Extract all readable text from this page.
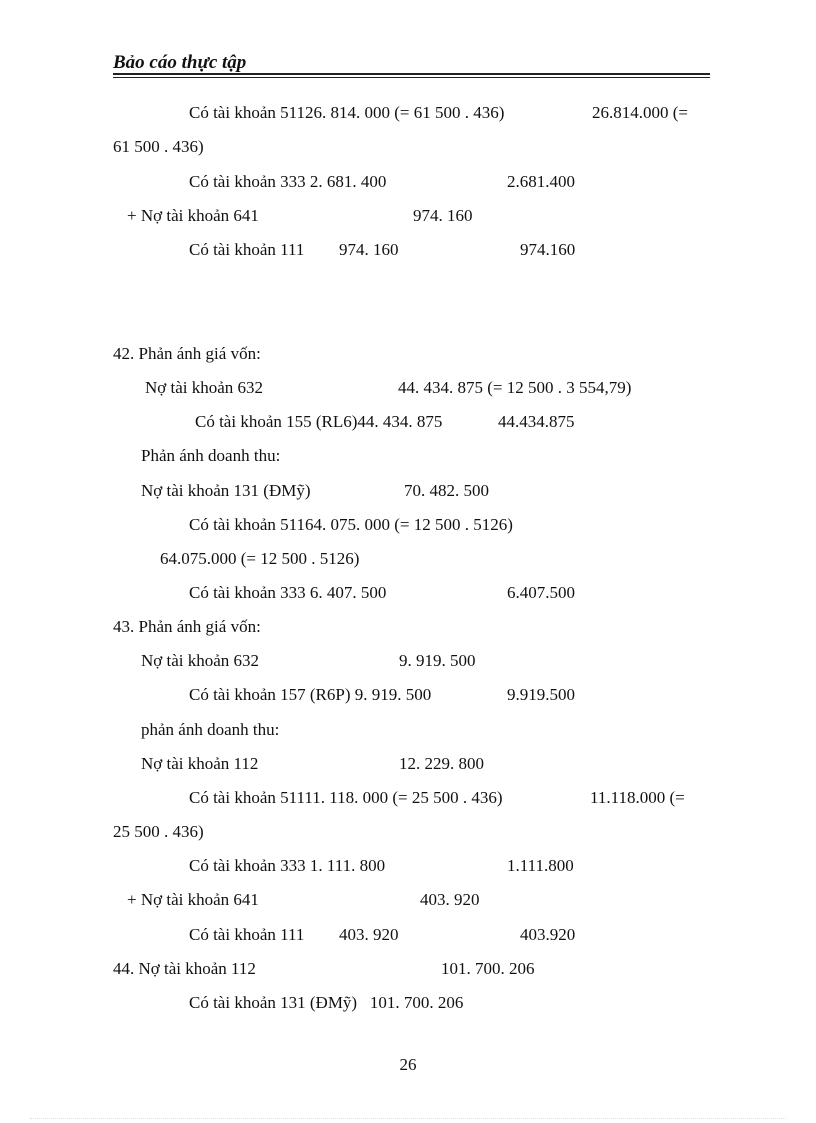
Bảo cáo thực tập
Có tài khoản 51126. 814. 000 (= 61 500 . 436)	26.814.000 (=
61 500 . 436)
Có tài khoản 333 2. 681. 400	2.681.400
+ Nợ tài khoản 641	974. 160
Có tài khoản 111 974. 160	974.160
42. Phản ánh giá vốn:
Nợ tài khoản 632	44. 434. 875 (= 12 500 . 3 554,79)
Có tài khoản 155 (RL6)44. 434. 875	44.434.875
Phản ánh doanh thu:
Nợ tài khoản 131 (ĐMỹ)	70. 482. 500
Có tài khoản 51164. 075. 000 (= 12 500 . 5126)
64.075.000 (= 12 500 . 5126)
Có tài khoản 333 6. 407. 500	6.407.500
43. Phản ánh giá vốn:
Nợ tài khoản 632	9. 919. 500
Có tài khoản 157 (R6P) 9. 919. 500	9.919.500
phản ánh doanh thu:
Nợ tài khoản 112	12. 229. 800
Có tài khoản 51111. 118. 000 (= 25 500 . 436)	11.118.000 (=
25 500 . 436)
Có tài khoản 333 1. 111. 800	1.111.800
+ Nợ tài khoản 641	403. 920
Có tài khoản 111 403. 920	403.920
44. Nợ tài khoản 112	101. 700. 206
Có tài khoản 131 (ĐMỹ)   101. 700. 206
26
